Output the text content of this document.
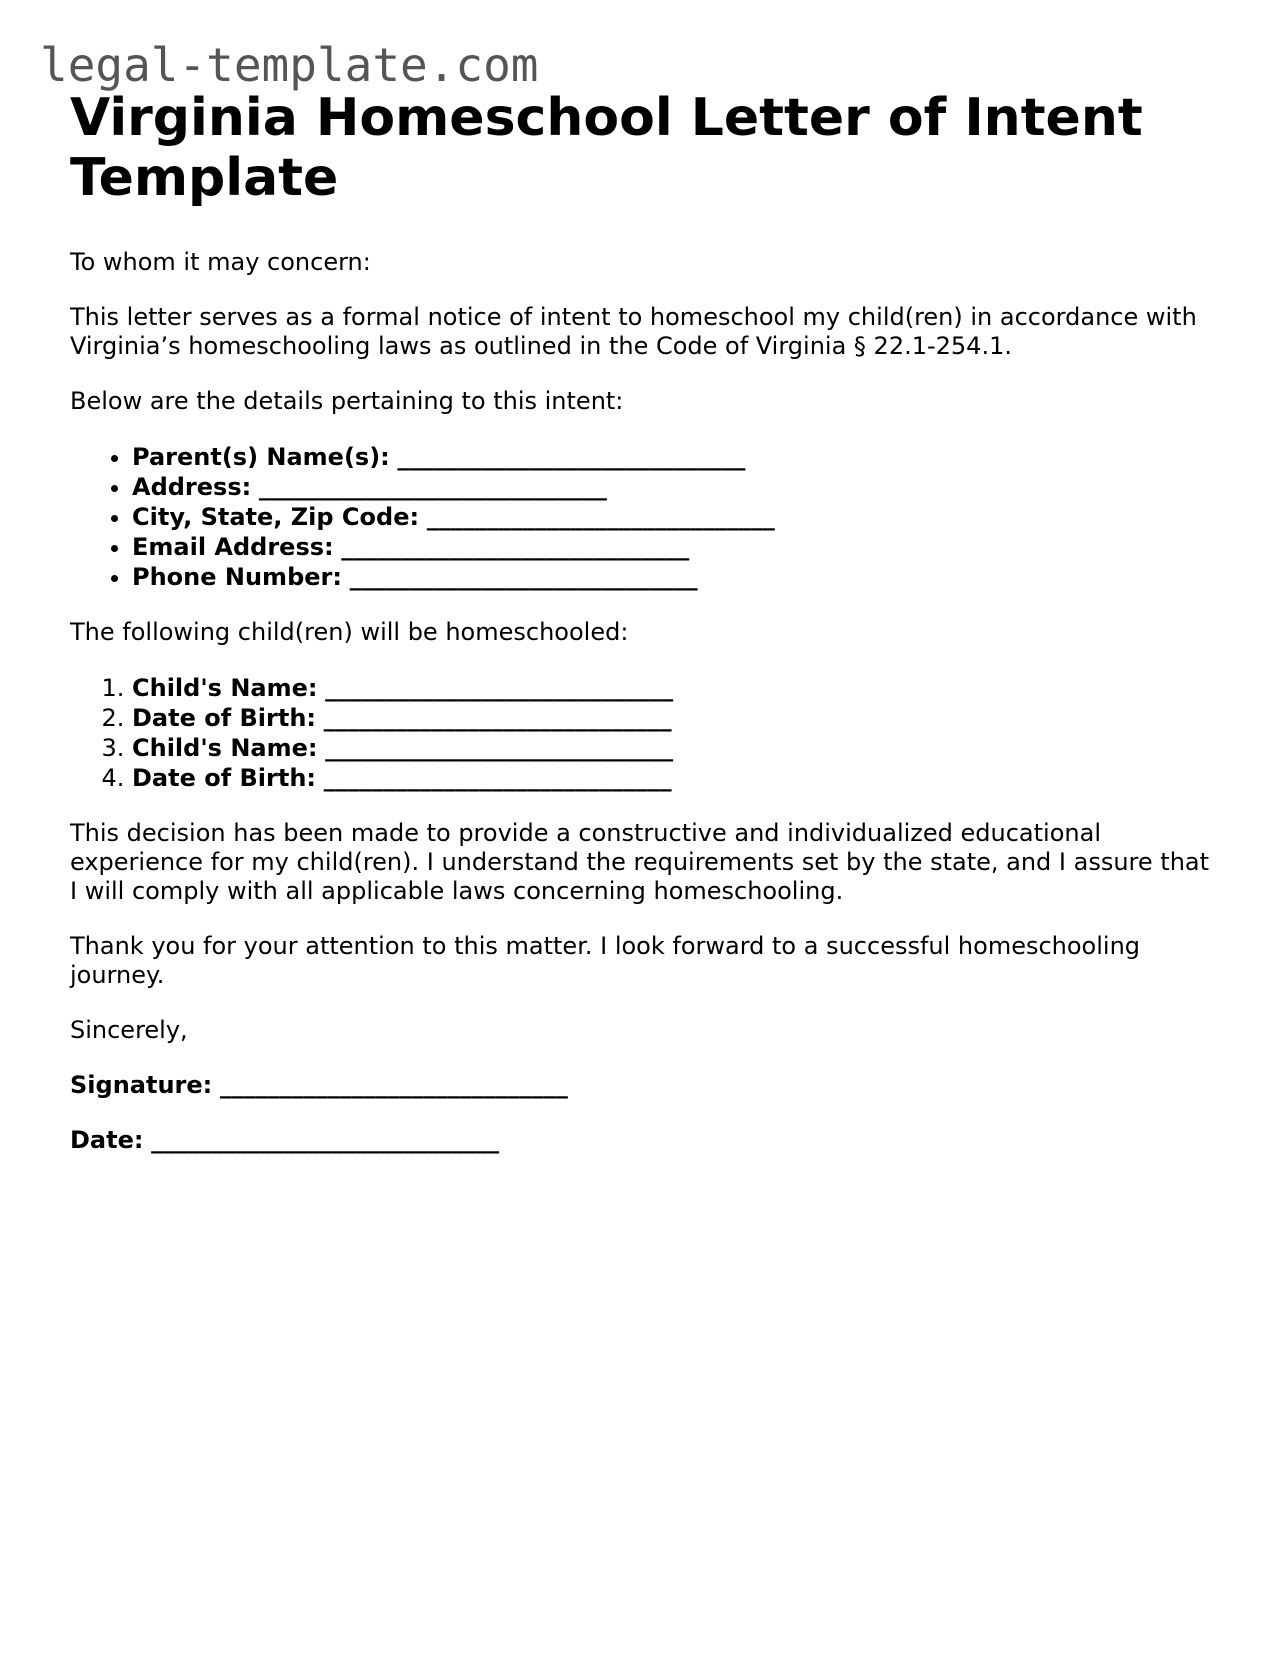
legal-template.com
Virginia Homeschool Letter of Intent Template

To whom it may concern:

This letter serves as a formal notice of intent to homeschool my child(ren) in accordance with Virginia’s homeschooling laws as outlined in the Code of Virginia § 22.1-254.1.

Below are the details pertaining to this intent:

• Parent(s) Name(s): _____________________________
• Address: _____________________________
• City, State, Zip Code: _____________________________
• Email Address: _____________________________
• Phone Number: _____________________________

The following child(ren) will be homeschooled:

1. Child's Name: _____________________________
2. Date of Birth: _____________________________
3. Child's Name: _____________________________
4. Date of Birth: _____________________________

This decision has been made to provide a constructive and individualized educational experience for my child(ren). I understand the requirements set by the state, and I assure that I will comply with all applicable laws concerning homeschooling.

Thank you for your attention to this matter. I look forward to a successful homeschooling journey.

Sincerely,

Signature: _____________________________
Date: _____________________________
